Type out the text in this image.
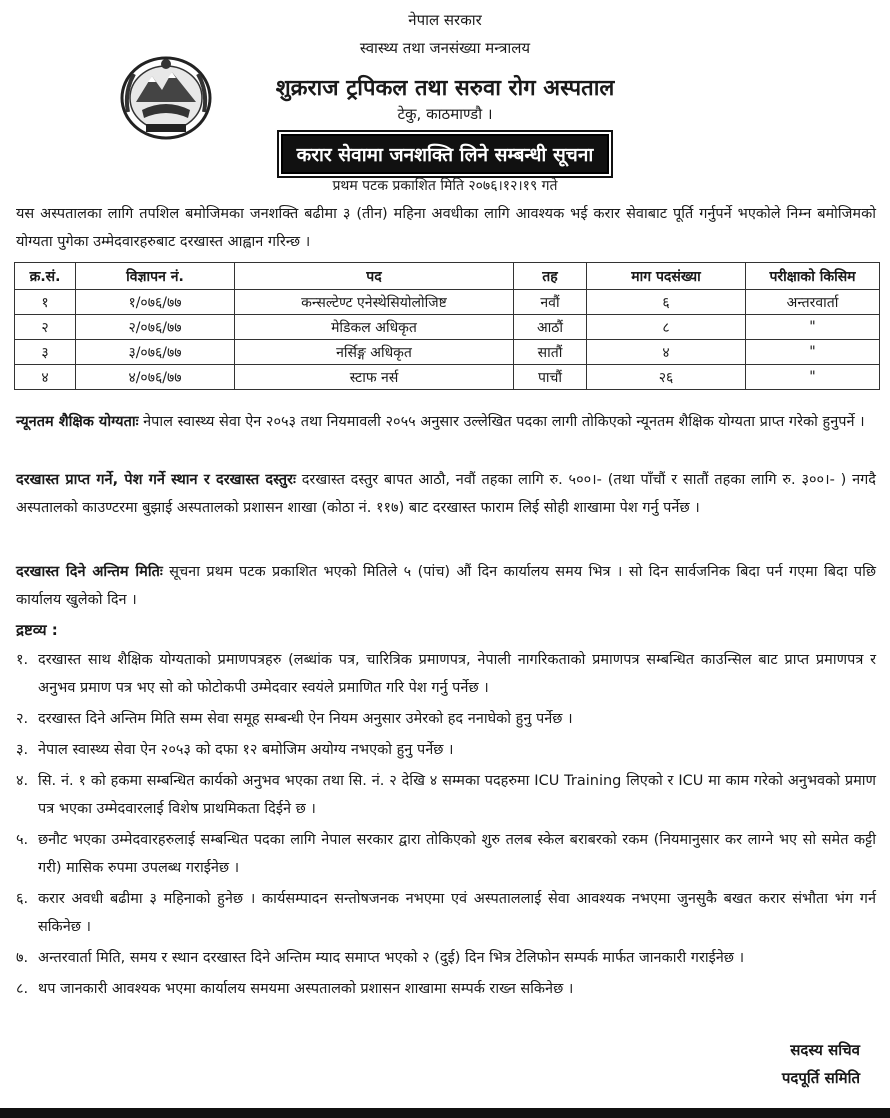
नेपाल सरकार
स्वास्थ्य तथा जनसंख्या मन्त्रालय
शुक्रराज ट्रपिकल तथा सरुवा रोग अस्पताल
टेकु, काठमाण्डौ ।
करार सेवामा जनशक्ति लिने सम्बन्धी सूचना
प्रथम पटक प्रकाशित मिति २०७६।१२।१९ गते
यस अस्पतालका लागि तपशिल बमोजिमका जनशक्ति बढीमा ३ (तीन) महिना अवधीका लागि आवश्यक भई करार सेवाबाट पूर्ति गर्नुपर्ने भएकोले निम्न बमोजिमको योग्यता पुगेका उम्मेदवारहरुबाट दरखास्त आह्वान गरिन्छ ।
क्र.सं.	विज्ञापन नं.	पद	तह	माग पदसंख्या	परीक्षाको किसिम
१	१/०७६/७७	कन्सल्टेण्ट एनेस्थेसियोलोजिष्ट	नवौं	६	अन्तरवार्ता
२	२/०७६/७७	मेडिकल अधिकृत	आठौं	८	"
३	३/०७६/७७	नर्सिङ्ग अधिकृत	सातौं	४	"
४	४/०७६/७७	स्टाफ नर्स	पाचौं	२६	"
न्यूनतम शैक्षिक योग्यताः नेपाल स्वास्थ्य सेवा ऐन २०५३ तथा नियमावली २०५५ अनुसार उल्लेखित पदका लागी तोकिएको न्यूनतम शैक्षिक योग्यता प्राप्त गरेको हुनुपर्ने ।
दरखास्त प्राप्त गर्ने, पेश गर्ने स्थान र दरखास्त दस्तुरः दरखास्त दस्तुर बापत आठौ, नवौं तहका लागि रु. ५००।- (तथा पाँचौं र सातौं तहका लागि रु. ३००।- ) नगदै अस्पतालको काउण्टरमा बुझाई अस्पतालको प्रशासन शाखा (कोठा नं. ११७) बाट दरखास्त फाराम लिई सोही शाखामा पेश गर्नु पर्नेछ ।
दरखास्त दिने अन्तिम मितिः सूचना प्रथम पटक प्रकाशित भएको मितिले ५ (पांच) औं दिन कार्यालय समय भित्र । सो दिन सार्वजनिक बिदा पर्न गएमा बिदा पछि कार्यालय खुलेको दिन ।
द्रष्टव्य :
१. दरखास्त साथ शैक्षिक योग्यताको प्रमाणपत्रहरु (लब्धांक पत्र, चारित्रिक प्रमाणपत्र, नेपाली नागरिकताको प्रमाणपत्र सम्बन्धित काउन्सिल बाट प्राप्त प्रमाणपत्र र अनुभव प्रमाण पत्र भए सो को फोटोकपी उम्मेदवार स्वयंले प्रमाणित गरि पेश गर्नु पर्नेछ ।
२. दरखास्त दिने अन्तिम मिति सम्म सेवा समूह सम्बन्धी ऐन नियम अनुसार उमेरको हद ननाघेको हुनु पर्नेछ ।
३. नेपाल स्वास्थ्य सेवा ऐन २०५३ को दफा १२ बमोजिम अयोग्य नभएको हुनु पर्नेछ ।
४. सि. नं. १ को हकमा सम्बन्धित कार्यको अनुभव भएका तथा सि. नं. २ देखि ४ सम्मका पदहरुमा ICU Training लिएको र ICU मा काम गरेको अनुभवको प्रमाण पत्र भएका उम्मेदवारलाई विशेष प्राथमिकता दिईने छ ।
५. छनौट भएका उम्मेदवारहरुलाई सम्बन्धित पदका लागि नेपाल सरकार द्वारा तोकिएको शुरु तलब स्केल बराबरको रकम (नियमानुसार कर लाग्ने भए सो समेत कट्टी गरी) मासिक रुपमा उपलब्ध गराईनेछ ।
६. करार अवधी बढीमा ३ महिनाको हुनेछ । कार्यसम्पादन सन्तोषजनक नभएमा एवं अस्पताललाई सेवा आवश्यक नभएमा जुनसुकै बखत करार संभौता भंग गर्न सकिनेछ ।
७. अन्तरवार्ता मिति, समय र स्थान दरखास्त दिने अन्तिम म्याद समाप्त भएको २ (दुई) दिन भित्र टेलिफोन सम्पर्क मार्फत जानकारी गराईनेछ ।
८. थप जानकारी आवश्यक भएमा कार्यालय समयमा अस्पतालको प्रशासन शाखामा सम्पर्क राख्न सकिनेछ ।
सदस्य सचिव
पदपूर्ति समिति
